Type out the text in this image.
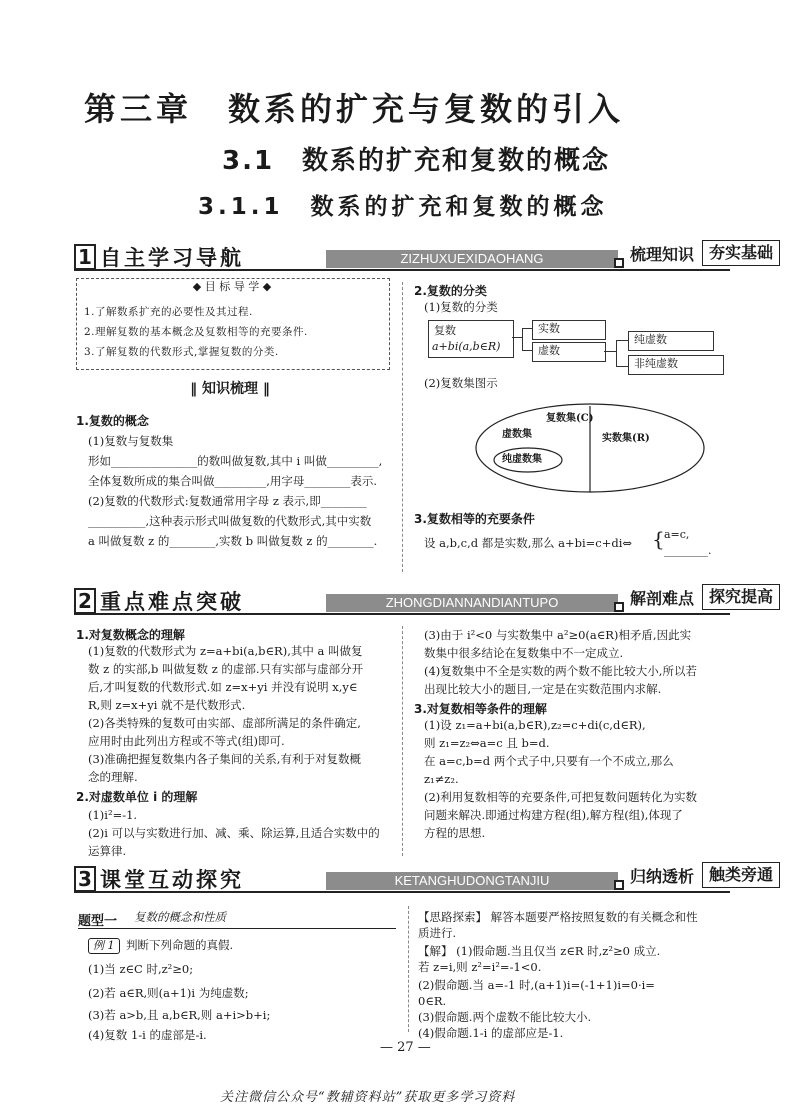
第三章　数系的扩充与复数的引入
3.1　数系的扩充和复数的概念
3.1.1　数系的扩充和复数的概念
1 自主学习导航	ZIZHUXUEXIDAOHANG	梳理知识 夯实基础
◆ 目 标 导 学 ◆
1.了解数系扩充的必要性及其过程.
2.理解复数的基本概念及复数相等的充要条件.
3.了解复数的代数形式,掌握复数的分类.
‖ 知识梳理 ‖
1.复数的概念
(1)复数与复数集
形如_______________的数叫做复数,其中 i 叫做_________,
全体复数所成的集合叫做_________,用字母________表示.
(2)复数的代数形式:复数通常用字母 z 表示,即________
__________,这种表示形式叫做复数的代数形式,其中实数
a 叫做复数 z 的________,实数 b 叫做复数 z 的________.
2.复数的分类
(1)复数的分类
复数
a+bi(a,b∈R)
实数
虚数
纯虚数
非纯虚数
(2)复数集图示
复数集(C)
虚数集	实数集(R)
纯虚数集
3.复数相等的充要条件
设 a,b,c,d 都是实数,那么 a+bi=c+di⇔ { a=c,
________.
2 重点难点突破	ZHONGDIANNANDIANTUPO	解剖难点 探究提高
1.对复数概念的理解
(1)复数的代数形式为 z=a+bi(a,b∈R),其中 a 叫做复
数 z 的实部,b 叫做复数 z 的虚部.只有实部与虚部分开
后,才叫复数的代数形式.如 z=x+yi 并没有说明 x,y∈
R,则 z=x+yi 就不是代数形式.
(2)各类特殊的复数可由实部、虚部所满足的条件确定,
应用时由此列出方程或不等式(组)即可.
(3)准确把握复数集内各子集间的关系,有利于对复数概
念的理解.
2.对虚数单位 i 的理解
(1)i²=-1.
(2)i 可以与实数进行加、减、乘、除运算,且适合实数中的
运算律.
(3)由于 i²<0 与实数集中 a²≥0(a∈R)相矛盾,因此实
数集中很多结论在复数集中不一定成立.
(4)复数集中不全是实数的两个数不能比较大小,所以若
出现比较大小的题目,一定是在实数范围内求解.
3.对复数相等条件的理解
(1)设 z₁=a+bi(a,b∈R),z₂=c+di(c,d∈R),
则 z₁=z₂⇔a=c 且 b=d.
在 a=c,b=d 两个式子中,只要有一个不成立,那么
z₁≠z₂.
(2)利用复数相等的充要条件,可把复数问题转化为实数
问题来解决.即通过构建方程(组),解方程(组),体现了
方程的思想.
3 课堂互动探究	KETANGHUDONGTANJIU	归纳透析 触类旁通
题型一 复数的概念和性质
例 1	判断下列命题的真假.
(1)当 z∈C 时,z²≥0;
(2)若 a∈R,则(a+1)i 为纯虚数;
(3)若 a>b,且 a,b∈R,则 a+i>b+i;
(4)复数 1-i 的虚部是-i.
【思路探索】 解答本题要严格按照复数的有关概念和性
质进行.
【解】 (1)假命题.当且仅当 z∈R 时,z²≥0 成立.
若 z=i,则 z²=i²=-1<0.
(2)假命题.当 a=-1 时,(a+1)i=(-1+1)i=0·i=
0∈R.
(3)假命题.两个虚数不能比较大小.
(4)假命题.1-i 的虚部应是-1.
— 27 —
关注微信公众号“教辅资料站”获取更多学习资料
